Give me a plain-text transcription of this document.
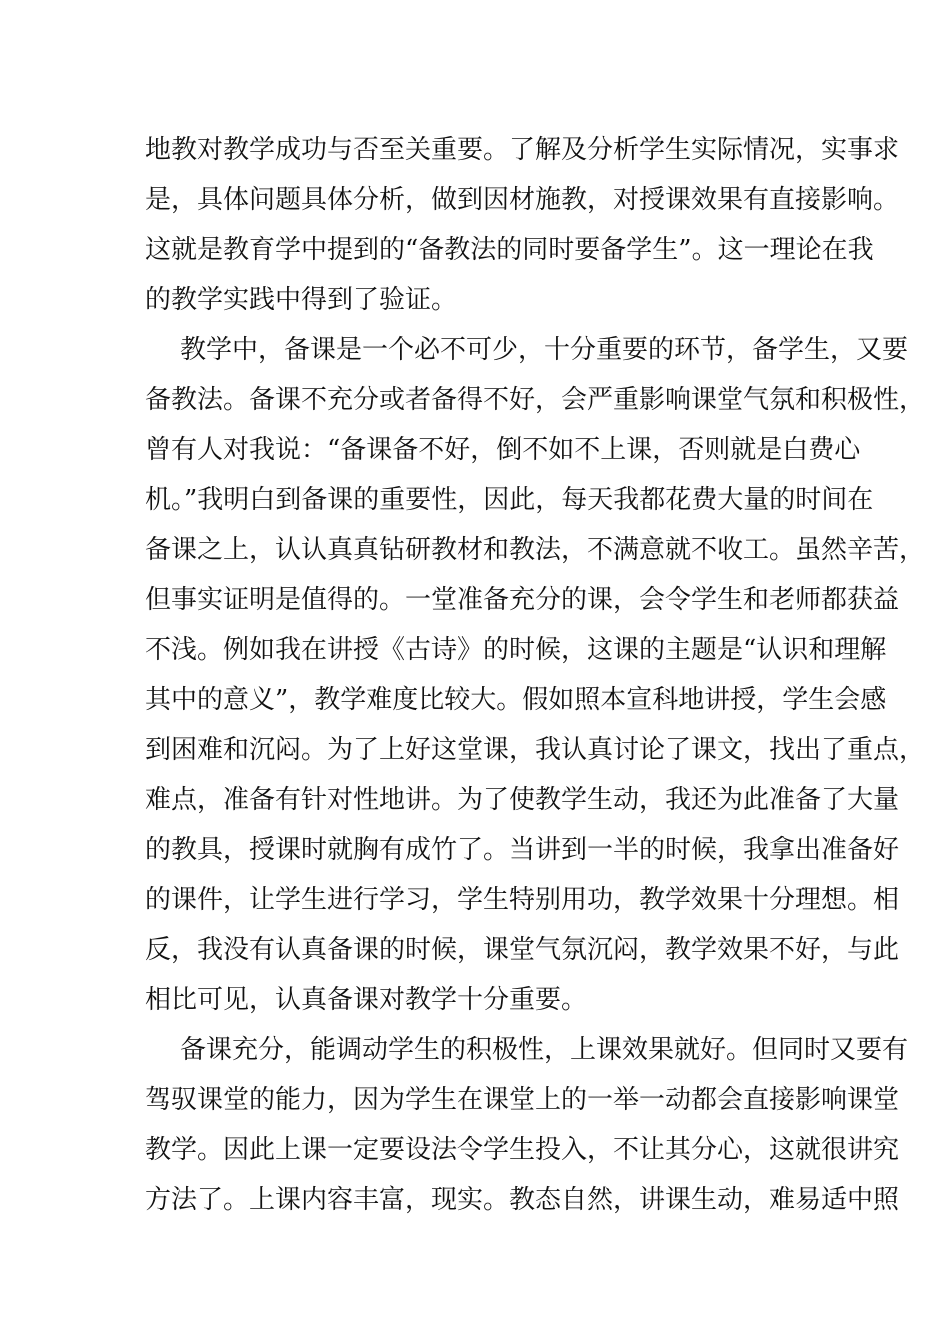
地教对教学成功与否至关重要。了解及分析学生实际情况，实事求
是，具体问题具体分析，做到因材施教，对授课效果有直接影响。
这就是教育学中提到的“备教法的同时要备学生”。这一理论在我
的教学实践中得到了验证。
教学中，备课是一个必不可少，十分重要的环节，备学生，又要
备教法。备课不充分或者备得不好，会严重影响课堂气氛和积极性，
曾有人对我说：“备课备不好，倒不如不上课，否则就是白费心
机。”我明白到备课的重要性，因此，每天我都花费大量的时间在
备课之上，认认真真钻研教材和教法，不满意就不收工。虽然辛苦，
但事实证明是值得的。一堂准备充分的课，会令学生和老师都获益
不浅。例如我在讲授《古诗》的时候，这课的主题是“认识和理解
其中的意义”，教学难度比较大。假如照本宣科地讲授，学生会感
到困难和沉闷。为了上好这堂课，我认真讨论了课文，找出了重点，
难点，准备有针对性地讲。为了使教学生动，我还为此准备了大量
的教具，授课时就胸有成竹了。当讲到一半的时候，我拿出准备好
的课件，让学生进行学习，学生特别用功，教学效果十分理想。相
反，我没有认真备课的时候，课堂气氛沉闷，教学效果不好，与此
相比可见，认真备课对教学十分重要。
备课充分，能调动学生的积极性，上课效果就好。但同时又要有
驾驭课堂的能力，因为学生在课堂上的一举一动都会直接影响课堂
教学。因此上课一定要设法令学生投入，不让其分心，这就很讲究
方法了。上课内容丰富，现实。教态自然，讲课生动，难易适中照
